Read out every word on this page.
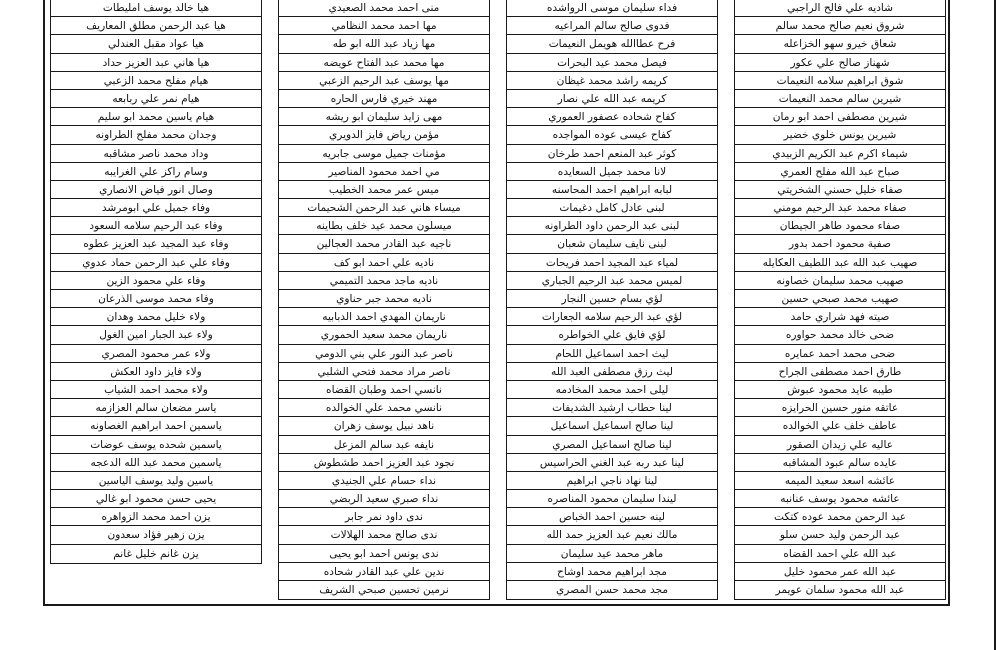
شاديه علي فالح الراجبي
شروق نعيم صالح محمد سالم
شعاق خيرو سهو الخزاعله
شهناز صالح علي عكور
شوق ابراهيم سلامه النعيمات
شيرين سالم محمد النعيمات
شيرين مصطفى احمد ابو رمان
شيرين يونس خلوي خضير
شيماء اكرم عبد الكريم الزبيدي
صباح عبد الله مفلح العمري
صفاء خليل حسني الشخريتي
صفاء محمد عبد الرحيم مومني
صفاء محمود طاهر الجيطان
صفية محمود احمد بدور
صهيب عبد الله عبد اللطيف العكايله
صهيب محمد سليمان خصاونه
صهيب محمد صبحي حسين
صيته فهد شراري حامد
ضحى خالد محمد حواوره
ضحى محمد احمد عمايره
طارق احمد مصطفى الجراح
طيبه عايد محمود عبوش
عاتقه منور حسين الحرايزه
عاطف خلف علي الخوالده
عاليه علي زيدان الصقور
عايده سالم عبود المشاقبه
عائشه اسعد سعيد الميمه
عائشه محمود يوسف عنانبه
عبد الرحمن محمد عوده كتكت
عبد الرحمن وليد حسن سلو
عبد الله علي احمد القضاه
عبد الله عمر محمود خليل
عبد الله محمود سلمان عويمر
فداء سليمان موسى الرواشده
فدوى صالح سالم المراعيه
فرح عطاالله هويمل النعيمات
فيصل محمد عيد البحرات
كريمه راشد محمد غيظان
كريمه عبد الله علي نصار
كفاح شحاده عصفور العموري
كفاح عيسى عوده المواجده
كوثر عبد المنعم احمد طرخان
لانا محمد جميل السعايده
لبابه ابراهيم احمد المحاسنه
لبنى عادل كامل دغيمات
لبنى عبد الرحمن داود الطراونه
لبنى نايف سليمان شعبان
لمياء عبد المجيد احمد فريحات
لميس محمد عبد الرحيم الجباري
لؤي بسام حسين النجار
لؤي عبد الرحيم سلامه الجعارات
لؤي فايق علي الخواطره
ليث احمد اسماعيل اللحام
ليث رزق مصطفى العبد الله
ليلى احمد محمد المخادمه
لينا حطاب ارشيد الشديفات
لينا صالح اسماعيل اسماعيل
لينا صالح اسماعيل المصري
لينا عبد ربه عبد الغني الحراسيس
لينا نهاد ناجي ابراهيم
ليندا سليمان محمود المناصره
لينه حسين احمد الخباص
مالك نعيم عبد العزيز حمد الله
ماهر محمد عيد سليمان
مجد ابراهيم محمد اوشاح
مجد محمد حسن المصري
منى احمد محمد الصعيدي
مها احمد محمد النظامي
مها زياد عبد الله ابو طه
مها محمد عبد الفتاح عويضه
مها يوسف عبد الرحيم الزعبي
مهند خيري فارس الحاره
مهى زايد سليمان ابو ريشه
مؤمن رياض فايز الدويري
مؤمنات جميل موسى جابريه
مي احمد محمود المناصير
ميس عمر محمد الخطيب
ميساء هاني عبد الرحمن الشحيمات
ميسلون محمد عيد خلف بطاينه
ناجيه عبد القادر محمد العجالين
ناديه علي احمد ابو كف
ناديه ماجد محمد التميمي
ناديه محمد جبر حناوي
ناريمان المهدي احمد الدبابيه
ناريمان محمد سعيد الحموري
ناصر عبد النور علي بني الدومي
ناصر مراد محمد فتحي الشلبي
نانسي احمد وطبان القضاه
نانسي محمد علي الخوالده
ناهد نبيل يوسف زهران
نايفه عبد سالم المزعل
نجود عبد العزيز احمد طشطوش
نداء حسام علي الجنيدي
نداء صبري سعيد الربضي
ندى داود نمر جابر
ندى صالح محمد الهلالات
ندى يونس احمد ابو يحيى
ندين علي عبد القادر شحاده
نرمين تحسين صبحي الشريف
هيا خالد يوسف امليطات
هيا عبد الرحمن مطلق المعاريف
هيا عواد مقبل العندلي
هيا هاني عبد العزيز حداد
هيام مفلح محمد الزعبي
هيام نمر علي ربابعه
هيام ياسين محمد ابو سليم
وجدان محمد مفلح الطراونه
وداد محمد ناصر مشاقبه
وسام راكز علي الغرايبه
وصال انور فياض الانصاري
وفاء جميل علي ابومرشد
وفاء عبد الرحيم سلامه السعود
وفاء عبد المجيد عبد العزيز عطوه
وفاء علي عبد الرحمن حماد عدوي
وفاء علي محمود الزين
وفاء محمد موسى الذرعان
ولاء خليل محمد وهدان
ولاء عبد الجبار امين الغول
ولاء عمر محمود المصري
ولاء فايز داود العكش
ولاء محمد احمد الشياب
ياسر مضعان سالم العزازمه
ياسمين احمد ابراهيم الغصاونه
ياسمين شحده يوسف عوضات
ياسمين محمد عبد الله الدعجه
ياسين وليد يوسف الياسين
يحيى حسن محمود ابو غالي
يزن احمد محمد الزواهره
يزن زهير فؤاد سعدون
يزن غانم خليل غانم
